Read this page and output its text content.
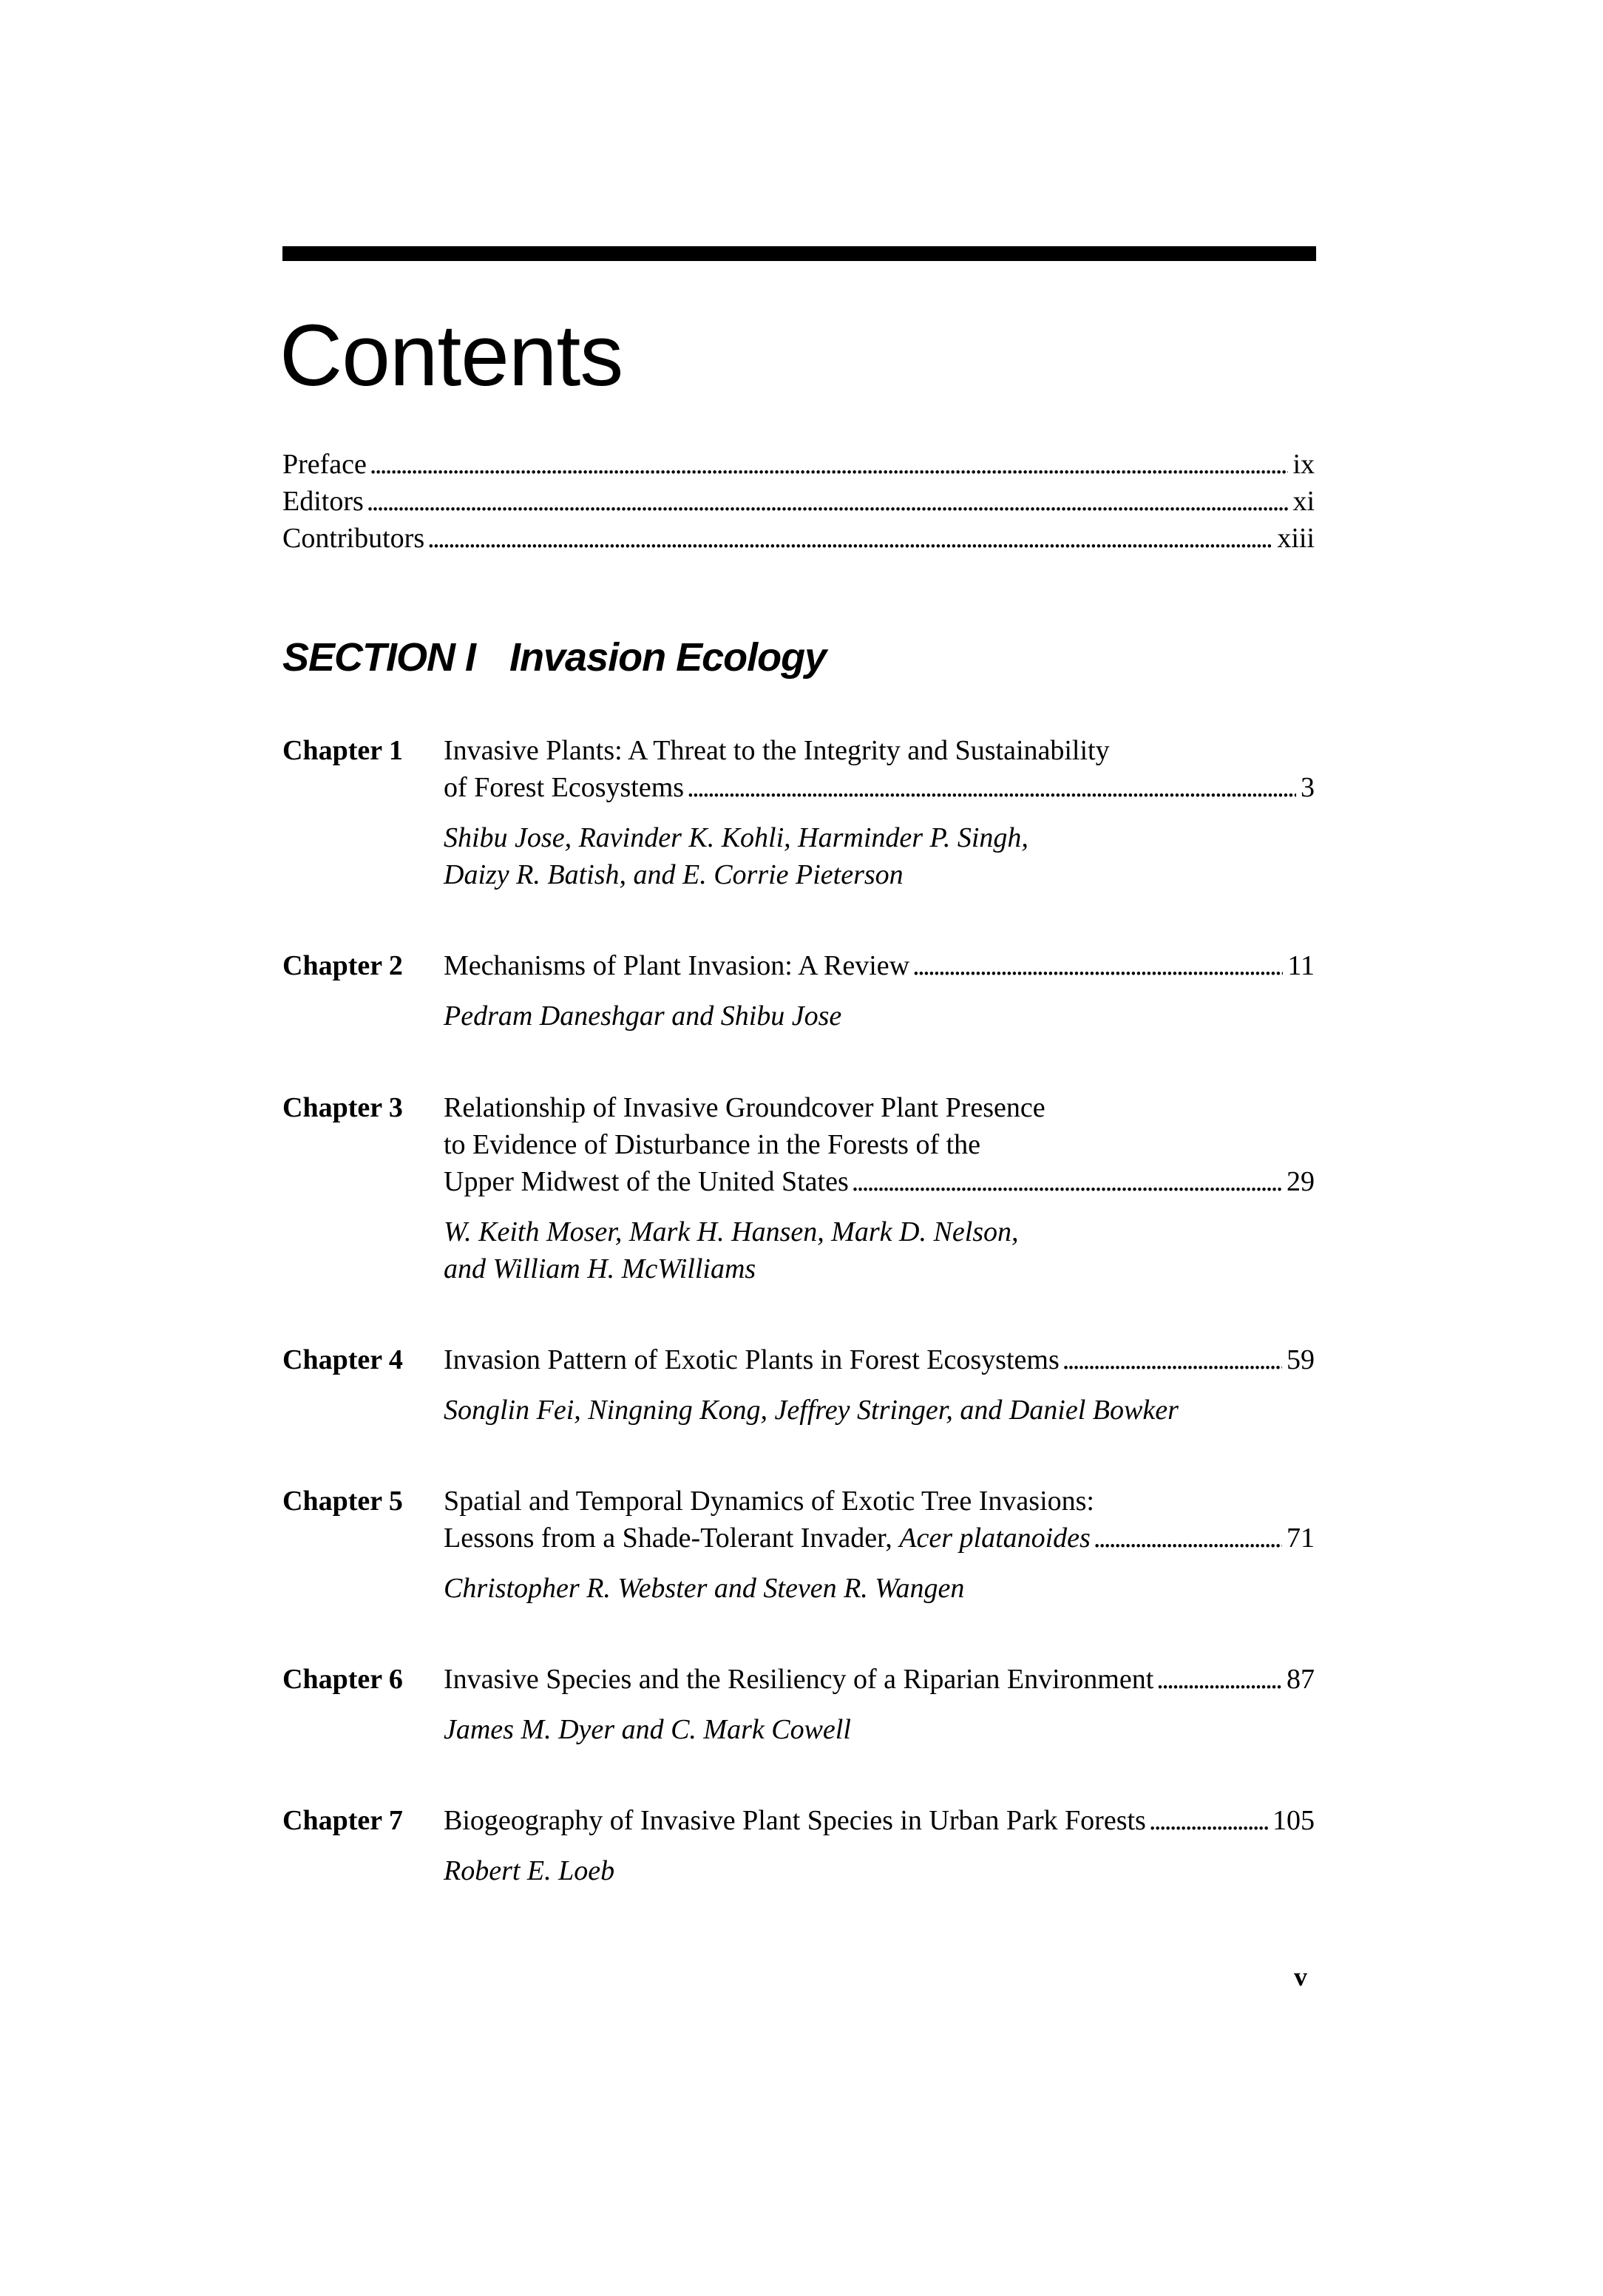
Contents
Preface . . .	ix
Editors . . .	xi
Contributors . . .	xiii
SECTION I Invasion Ecology
Chapter 1 Invasive Plants: A Threat to the Integrity and Sustainability
of Forest Ecosystems . . .	3
Shibu Jose, Ravinder K. Kohli, Harminder P. Singh,
Daizy R. Batish, and E. Corrie Pieterson
Chapter 2 Mechanisms of Plant Invasion: A Review . . .	11
Pedram Daneshgar and Shibu Jose
Chapter 3 Relationship of Invasive Groundcover Plant Presence
to Evidence of Disturbance in the Forests of the
Upper Midwest of the United States . . .	29
W. Keith Moser, Mark H. Hansen, Mark D. Nelson,
and William H. McWilliams
Chapter 4 Invasion Pattern of Exotic Plants in Forest Ecosystems . . .	59
Songlin Fei, Ningning Kong, Jeffrey Stringer, and Daniel Bowker
Chapter 5 Spatial and Temporal Dynamics of Exotic Tree Invasions:
Lessons from a Shade-Tolerant Invader, Acer platanoides . . .	71
Christopher R. Webster and Steven R. Wangen
Chapter 6 Invasive Species and the Resiliency of a Riparian Environment . . .	87
James M. Dyer and C. Mark Cowell
Chapter 7 Biogeography of Invasive Plant Species in Urban Park Forests . . .	105
Robert E. Loeb
v
